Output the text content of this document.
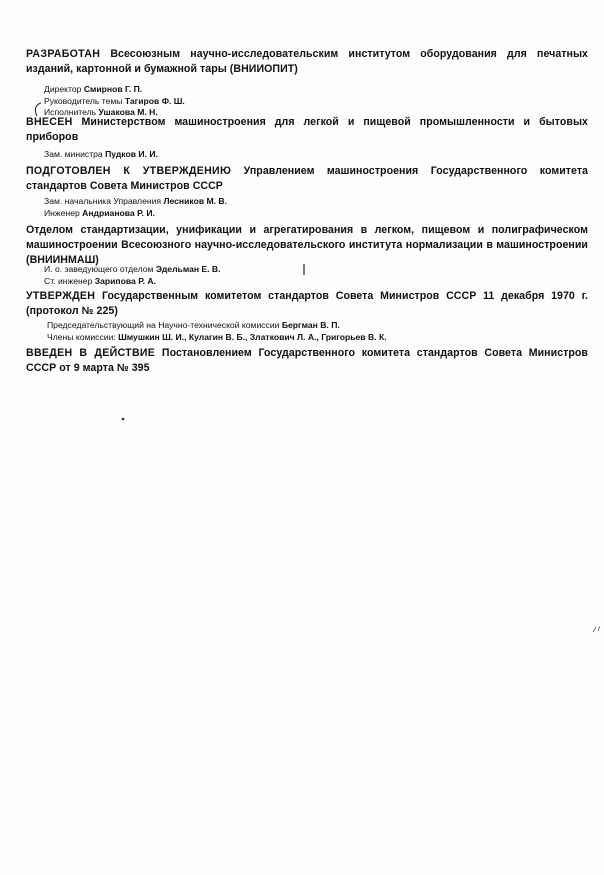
РАЗРАБОТАН Всесоюзным научно-исследовательским институтом оборудования для печатных изданий, картонной и бумажной тары (ВНИИОПИТ)
Директор Смирнов Г. П.
Руководитель темы Тагиров Ф. Ш.
Исполнитель Ушакова М. Н.
ВНЕСЕН Министерством машиностроения для легкой и пищевой промышленности и бытовых приборов
Зам. министра Пудков И. И.
ПОДГОТОВЛЕН К УТВЕРЖДЕНИЮ Управлением машиностроения Государственного комитета стандартов Совета Министров СССР
Зам. начальника Управления Лесников М. В.
Инженер Андрианова Р. И.
Отделом стандартизации, унификации и агрегатирования в легком, пищевом и полиграфическом машиностроении Всесоюзного научно-исследовательского института нормализации в машиностроении (ВНИИНМАШ)
И. о. заведующего отделом Эдельман Е. В.
Ст. инженер Зарипова Р. А.
УТВЕРЖДЕН Государственным комитетом стандартов Совета Министров СССР 11 декабря 1970 г. (протокол № 225)
Председательствующий на Научно-технической комиссии Бергман В. П.
Члены комиссии: Шмушкин Ш. И., Кулагин В. Б., Златкович Л. А., Григорьев В. К.
ВВЕДЕН В ДЕЙСТВИЕ Постановлением Государственного комитета стандартов Совета Министров СССР от 9 марта № 395
